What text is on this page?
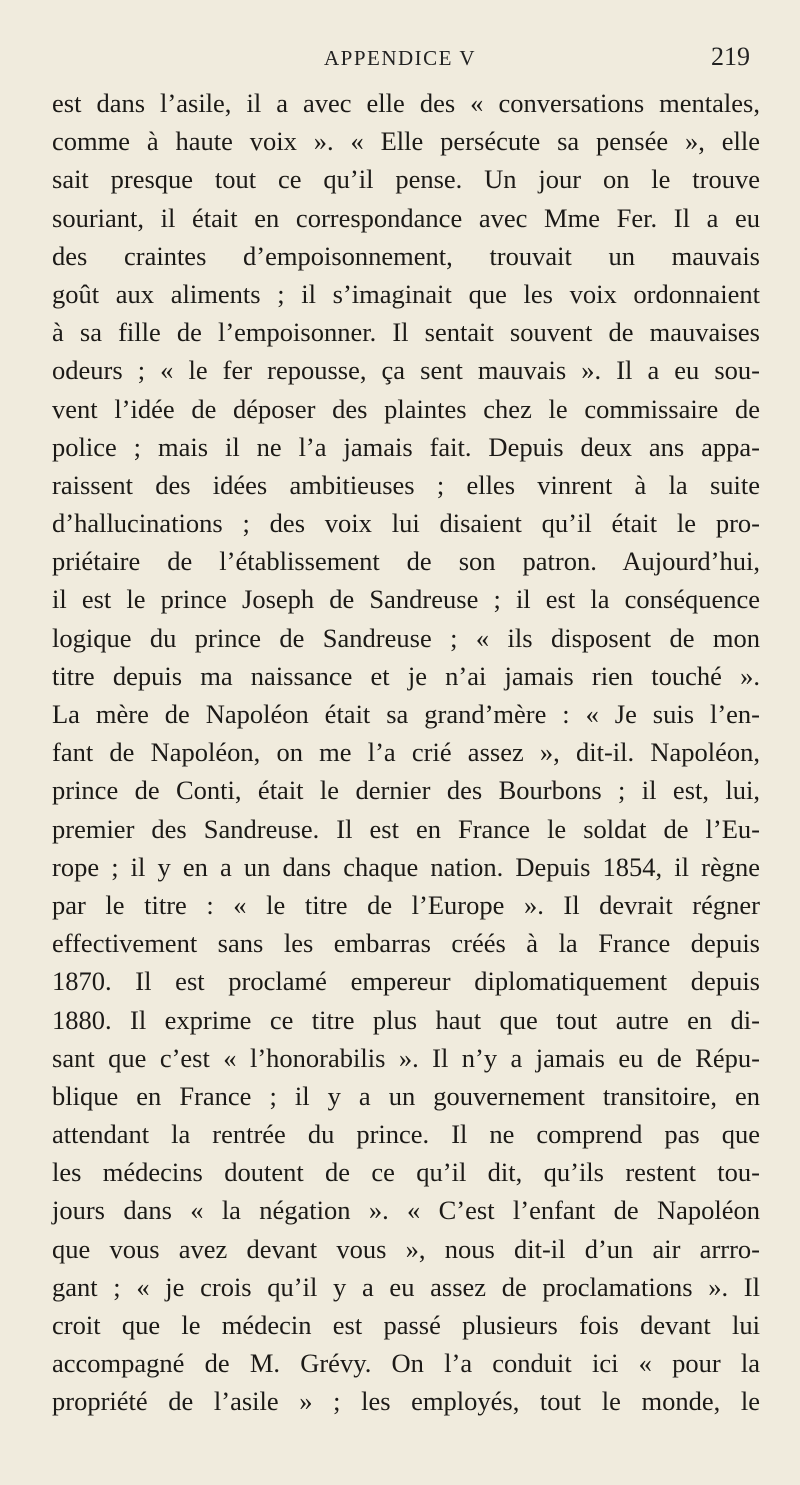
APPENDICE V	219
est dans l’asile, il a avec elle des « conversations mentales,
comme à haute voix ». « Elle persécute sa pensée », elle
sait presque tout ce qu’il pense. Un jour on le trouve
souriant, il était en correspondance avec Mme Fer. Il a eu
des craintes d’empoisonnement, trouvait un mauvais
goût aux aliments ; il s’imaginait que les voix ordonnaient
à sa fille de l’empoisonner. Il sentait souvent de mauvaises
odeurs ; « le fer repousse, ça sent mauvais ». Il a eu sou-
vent l’idée de déposer des plaintes chez le commissaire de
police ; mais il ne l’a jamais fait. Depuis deux ans appa-
raissent des idées ambitieuses ; elles vinrent à la suite
d’hallucinations ; des voix lui disaient qu’il était le pro-
priétaire de l’établissement de son patron. Aujourd’hui,
il est le prince Joseph de Sandreuse ; il est la conséquence
logique du prince de Sandreuse ; « ils disposent de mon
titre depuis ma naissance et je n’ai jamais rien touché ».
La mère de Napoléon était sa grand’mère : « Je suis l’en-
fant de Napoléon, on me l’a crié assez », dit-il. Napoléon,
prince de Conti, était le dernier des Bourbons ; il est, lui,
premier des Sandreuse. Il est en France le soldat de l’Eu-
rope ; il y en a un dans chaque nation. Depuis 1854, il règne
par le titre : « le titre de l’Europe ». Il devrait régner
effectivement sans les embarras créés à la France depuis
1870. Il est proclamé empereur diplomatiquement depuis
1880. Il exprime ce titre plus haut que tout autre en di-
sant que c’est « l’honorabilis ». Il n’y a jamais eu de Répu-
blique en France ; il y a un gouvernement transitoire, en
attendant la rentrée du prince. Il ne comprend pas que
les médecins doutent de ce qu’il dit, qu’ils restent tou-
jours dans « la négation ». « C’est l’enfant de Napoléon
que vous avez devant vous », nous dit-il d’un air arrro-
gant ; « je crois qu’il y a eu assez de proclamations ». Il
croit que le médecin est passé plusieurs fois devant lui
accompagné de M. Grévy. On l’a conduit ici « pour la
propriété de l’asile » ; les employés, tout le monde, le
